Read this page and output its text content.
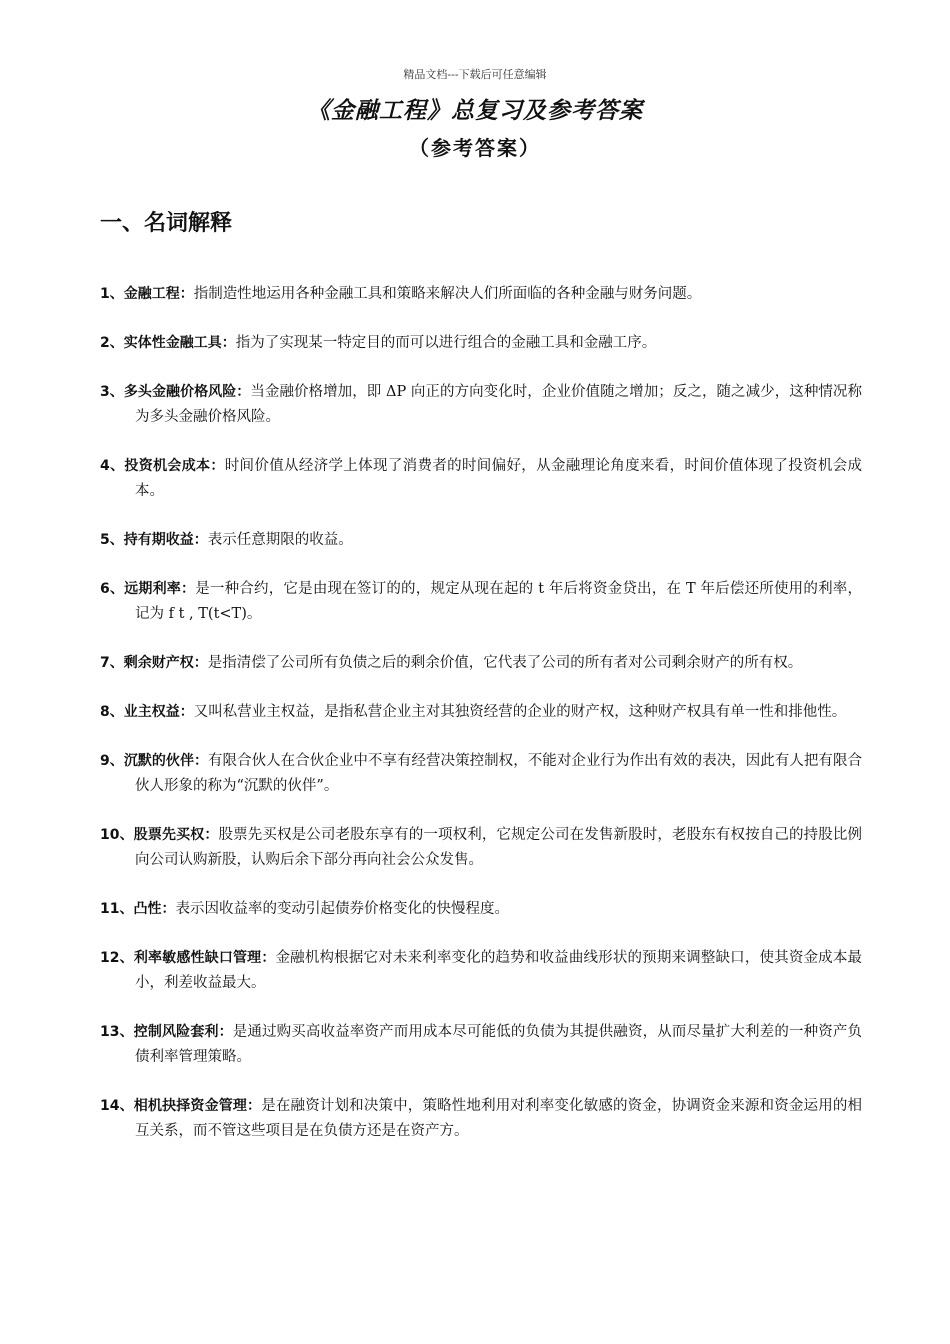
精品文档---下载后可任意编辑
《金融工程》总复习及参考答案
（参考答案）
一、名词解释
1、金融工程：指制造性地运用各种金融工具和策略来解决人们所面临的各种金融与财务问题。
2、实体性金融工具：指为了实现某一特定目的而可以进行组合的金融工具和金融工序。
3、多头金融价格风险：当金融价格增加，即 ΔP 向正的方向变化时，企业价值随之增加；反之，随之减少，这种情况称为多头金融价格风险。
4、投资机会成本：时间价值从经济学上体现了消费者的时间偏好，从金融理论角度来看，时间价值体现了投资机会成本。
5、持有期收益：表示任意期限的收益。
6、远期利率：是一种合约，它是由现在签订的的，规定从现在起的 t 年后将资金贷出，在 T 年后偿还所使用的利率，记为 f t , T(t<T)。
7、剩余财产权：是指清偿了公司所有负债之后的剩余价值，它代表了公司的所有者对公司剩余财产的所有权。
8、业主权益：又叫私营业主权益，是指私营企业主对其独资经营的企业的财产权，这种财产权具有单一性和排他性。
9、沉默的伙伴：有限合伙人在合伙企业中不享有经营决策控制权，不能对企业行为作出有效的表决，因此有人把有限合伙人形象的称为“沉默的伙伴”。
10、股票先买权：股票先买权是公司老股东享有的一项权利，它规定公司在发售新股时，老股东有权按自己的持股比例向公司认购新股，认购后余下部分再向社会公众发售。
11、凸性：表示因收益率的变动引起债券价格变化的快慢程度。
12、利率敏感性缺口管理：金融机构根据它对未来利率变化的趋势和收益曲线形状的预期来调整缺口，使其资金成本最小，利差收益最大。
13、控制风险套利：是通过购买高收益率资产而用成本尽可能低的负债为其提供融资，从而尽量扩大利差的一种资产负债利率管理策略。
14、相机抉择资金管理：是在融资计划和决策中，策略性地利用对利率变化敏感的资金，协调资金来源和资金运用的相互关系，而不管这些项目是在负债方还是在资产方。
